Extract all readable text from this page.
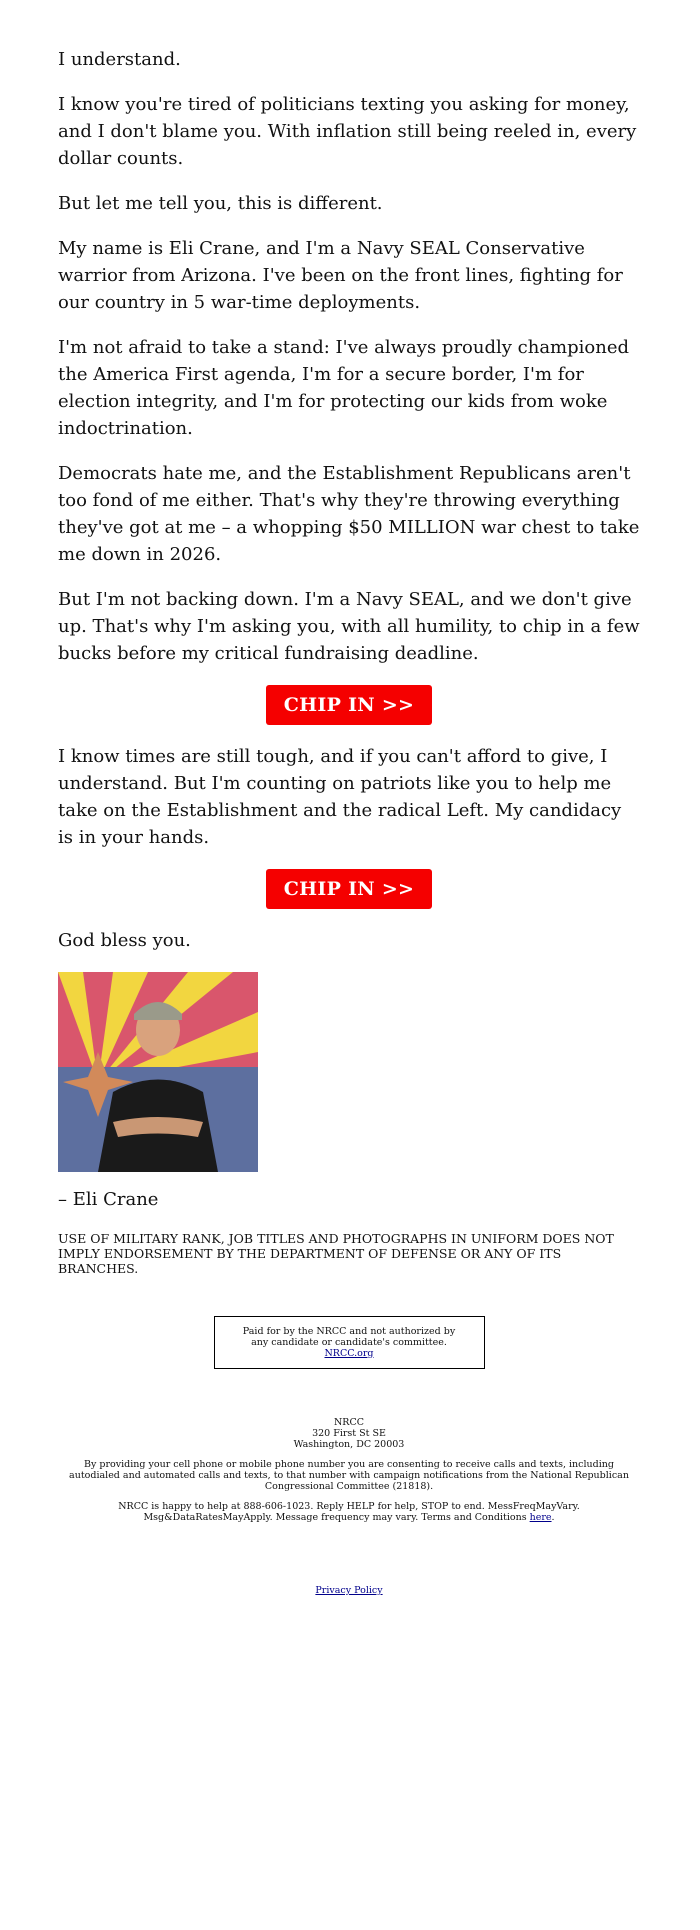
I understand.

I know you're tired of politicians texting you asking for money, and I don't blame you. With inflation still being reeled in, every dollar counts.

But let me tell you, this is different.

My name is Eli Crane, and I'm a Navy SEAL Conservative warrior from Arizona. I've been on the front lines, fighting for our country in 5 war-time deployments.

I'm not afraid to take a stand: I've always proudly championed the America First agenda, I'm for a secure border, I'm for election integrity, and I'm for protecting our kids from woke indoctrination.

Democrats hate me, and the Establishment Republicans aren't too fond of me either. That's why they're throwing everything they've got at me – a whopping $50 MILLION war chest to take me down in 2026.

But I'm not backing down. I'm a Navy SEAL, and we don't give up. That's why I'm asking you, with all humility, to chip in a few bucks before my critical fundraising deadline.

CHIP IN >>

I know times are still tough, and if you can't afford to give, I understand. But I'm counting on patriots like you to help me take on the Establishment and the radical Left. My candidacy is in your hands.

CHIP IN >>

God bless you.

– Eli Crane

USE OF MILITARY RANK, JOB TITLES AND PHOTOGRAPHS IN UNIFORM DOES NOT IMPLY ENDORSEMENT BY THE DEPARTMENT OF DEFENSE OR ANY OF ITS BRANCHES.

Paid for by the NRCC and not authorized by any candidate or candidate's committee. NRCC.org

NRCC
320 First St SE
Washington, DC 20003

By providing your cell phone or mobile phone number you are consenting to receive calls and texts, including autodialed and automated calls and texts, to that number with campaign notifications from the National Republican Congressional Committee (21818).

NRCC is happy to help at 888-606-1023. Reply HELP for help, STOP to end. MessFreqMayVary. Msg&DataRatesMayApply. Message frequency may vary. Terms and Conditions here.

Privacy Policy
